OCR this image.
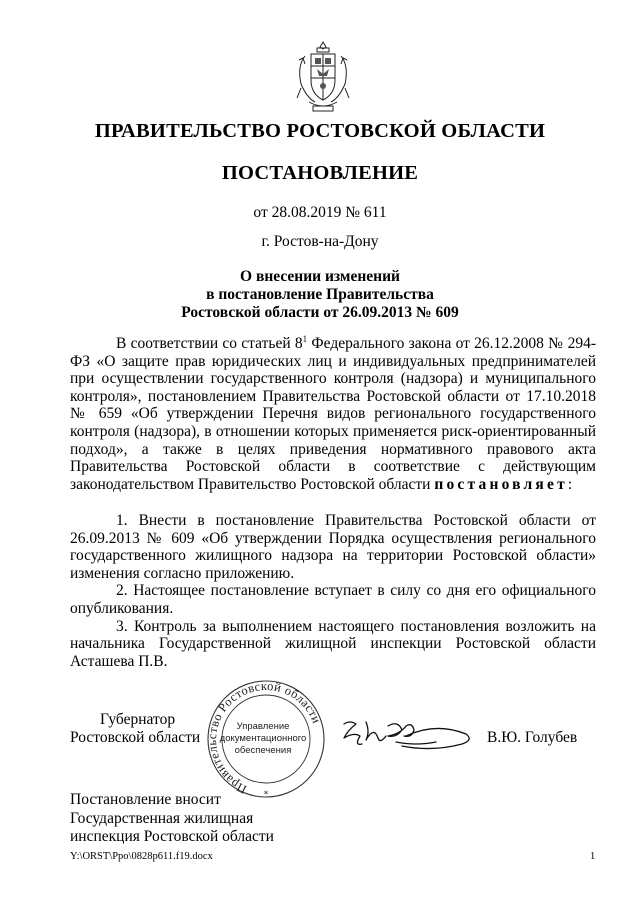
ПРАВИТЕЛЬСТВО РОСТОВСКОЙ ОБЛАСТИ
ПОСТАНОВЛЕНИЕ
от 28.08.2019 № 611
г. Ростов-на-Дону
О внесении изменений
в постановление Правительства
Ростовской области от 26.09.2013 № 609

В соответствии со статьей $8^1$ Федерального закона от 26.12.2008 № 294-ФЗ «О защите прав юридических лиц и индивидуальных предпринимателей при осуществлении государственного контроля (надзора) и муниципального контроля», постановлением Правительства Ростовской области от 17.10.2018 № 659 «Об утверждении Перечня видов регионального государственного контроля (надзора), в отношении которых применяется риск-ориентированный подход», а также в целях приведения нормативного правового акта Правительства Ростовской области в соответствие с действующим законодательством Правительство Ростовской области постановляет:

1. Внести в постановление Правительства Ростовской области от 26.09.2013 № 609 «Об утверждении Порядка осуществления регионального государственного жилищного надзора на территории Ростовской области» изменения согласно приложению.

2. Настоящее постановление вступает в силу со дня его официального опубликования.

3. Контроль за выполнением настоящего постановления возложить на начальника Государственной жилищной инспекции Ростовской области Асташева П.В.

Губернатор
Ростовской области
Правительство Ростовской области
Управление
документационного
обеспечения
*
В.Ю. Голубев
Постановление вносит
Государственная жилищная
инспекция Ростовской области
Y:\ORST\Ppo\0828p611.f19.docx	1
